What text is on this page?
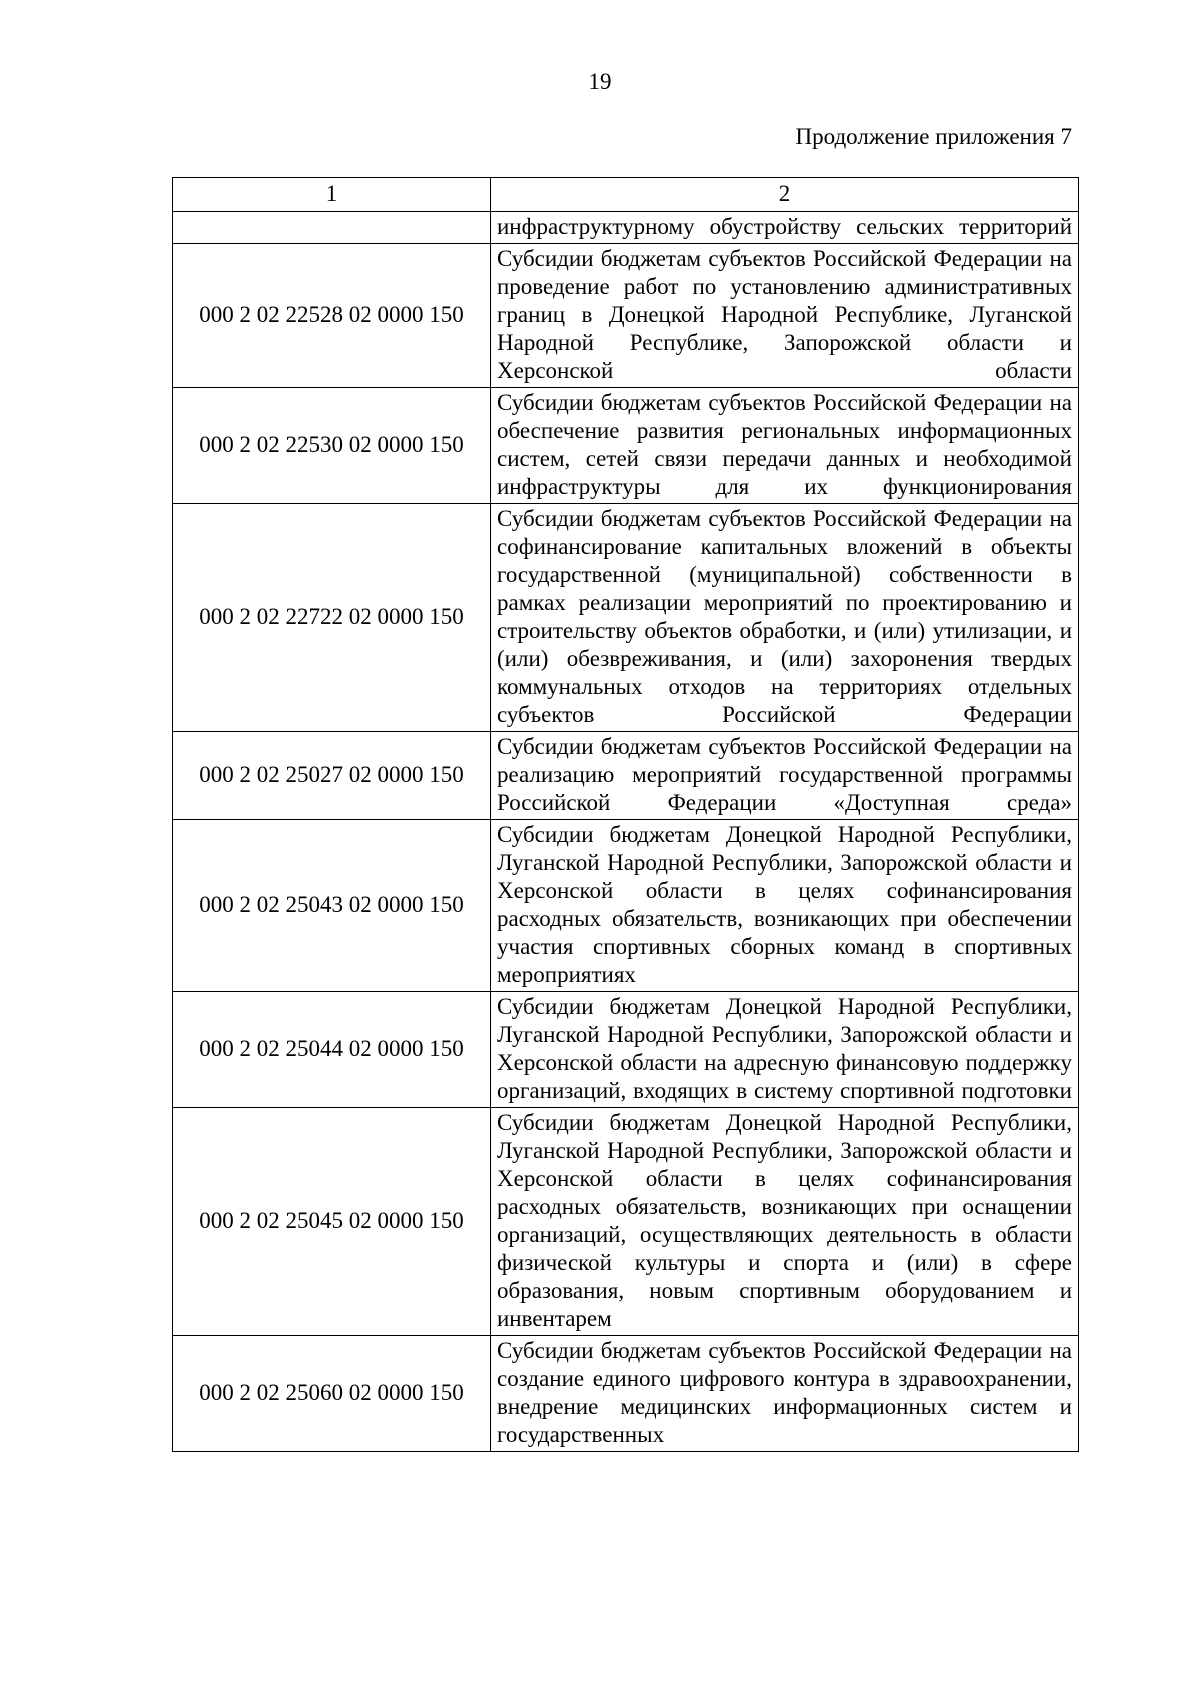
19
Продолжение приложения 7
1	2
	инфраструктурному обустройству сельских территорий
000 2 02 22528 02 0000 150	Субсидии бюджетам субъектов Российской Федерации на проведение работ по установлению административных границ в Донецкой Народной Республике, Луганской Народной Республике, Запорожской области и Херсонской области
000 2 02 22530 02 0000 150	Субсидии бюджетам субъектов Российской Федерации на обеспечение развития региональных информационных систем, сетей связи передачи данных и необходимой инфраструктуры для их функционирования
000 2 02 22722 02 0000 150	Субсидии бюджетам субъектов Российской Федерации на софинансирование капитальных вложений в объекты государственной (муниципальной) собственности в рамках реализации мероприятий по проектированию и строительству объектов обработки, и (или) утилизации, и (или) обезвреживания, и (или) захоронения твердых коммунальных отходов на территориях отдельных субъектов Российской Федерации
000 2 02 25027 02 0000 150	Субсидии бюджетам субъектов Российской Федерации на реализацию мероприятий государственной программы Российской Федерации «Доступная среда»
000 2 02 25043 02 0000 150	Субсидии бюджетам Донецкой Народной Республики, Луганской Народной Республики, Запорожской области и Херсонской области в целях софинансирования расходных обязательств, возникающих при обеспечении участия спортивных сборных команд в спортивных мероприятиях
000 2 02 25044 02 0000 150	Субсидии бюджетам Донецкой Народной Республики, Луганской Народной Республики, Запорожской области и Херсонской области на адресную финансовую поддержку организаций, входящих в систему спортивной подготовки
000 2 02 25045 02 0000 150	Субсидии бюджетам Донецкой Народной Республики, Луганской Народной Республики, Запорожской области и Херсонской области в целях софинансирования расходных обязательств, возникающих при оснащении организаций, осуществляющих деятельность в области физической культуры и спорта и (или) в сфере образования, новым спортивным оборудованием и инвентарем
000 2 02 25060 02 0000 150	Субсидии бюджетам субъектов Российской Федерации на создание единого цифрового контура в здравоохранении, внедрение медицинских информационных систем и государственных
